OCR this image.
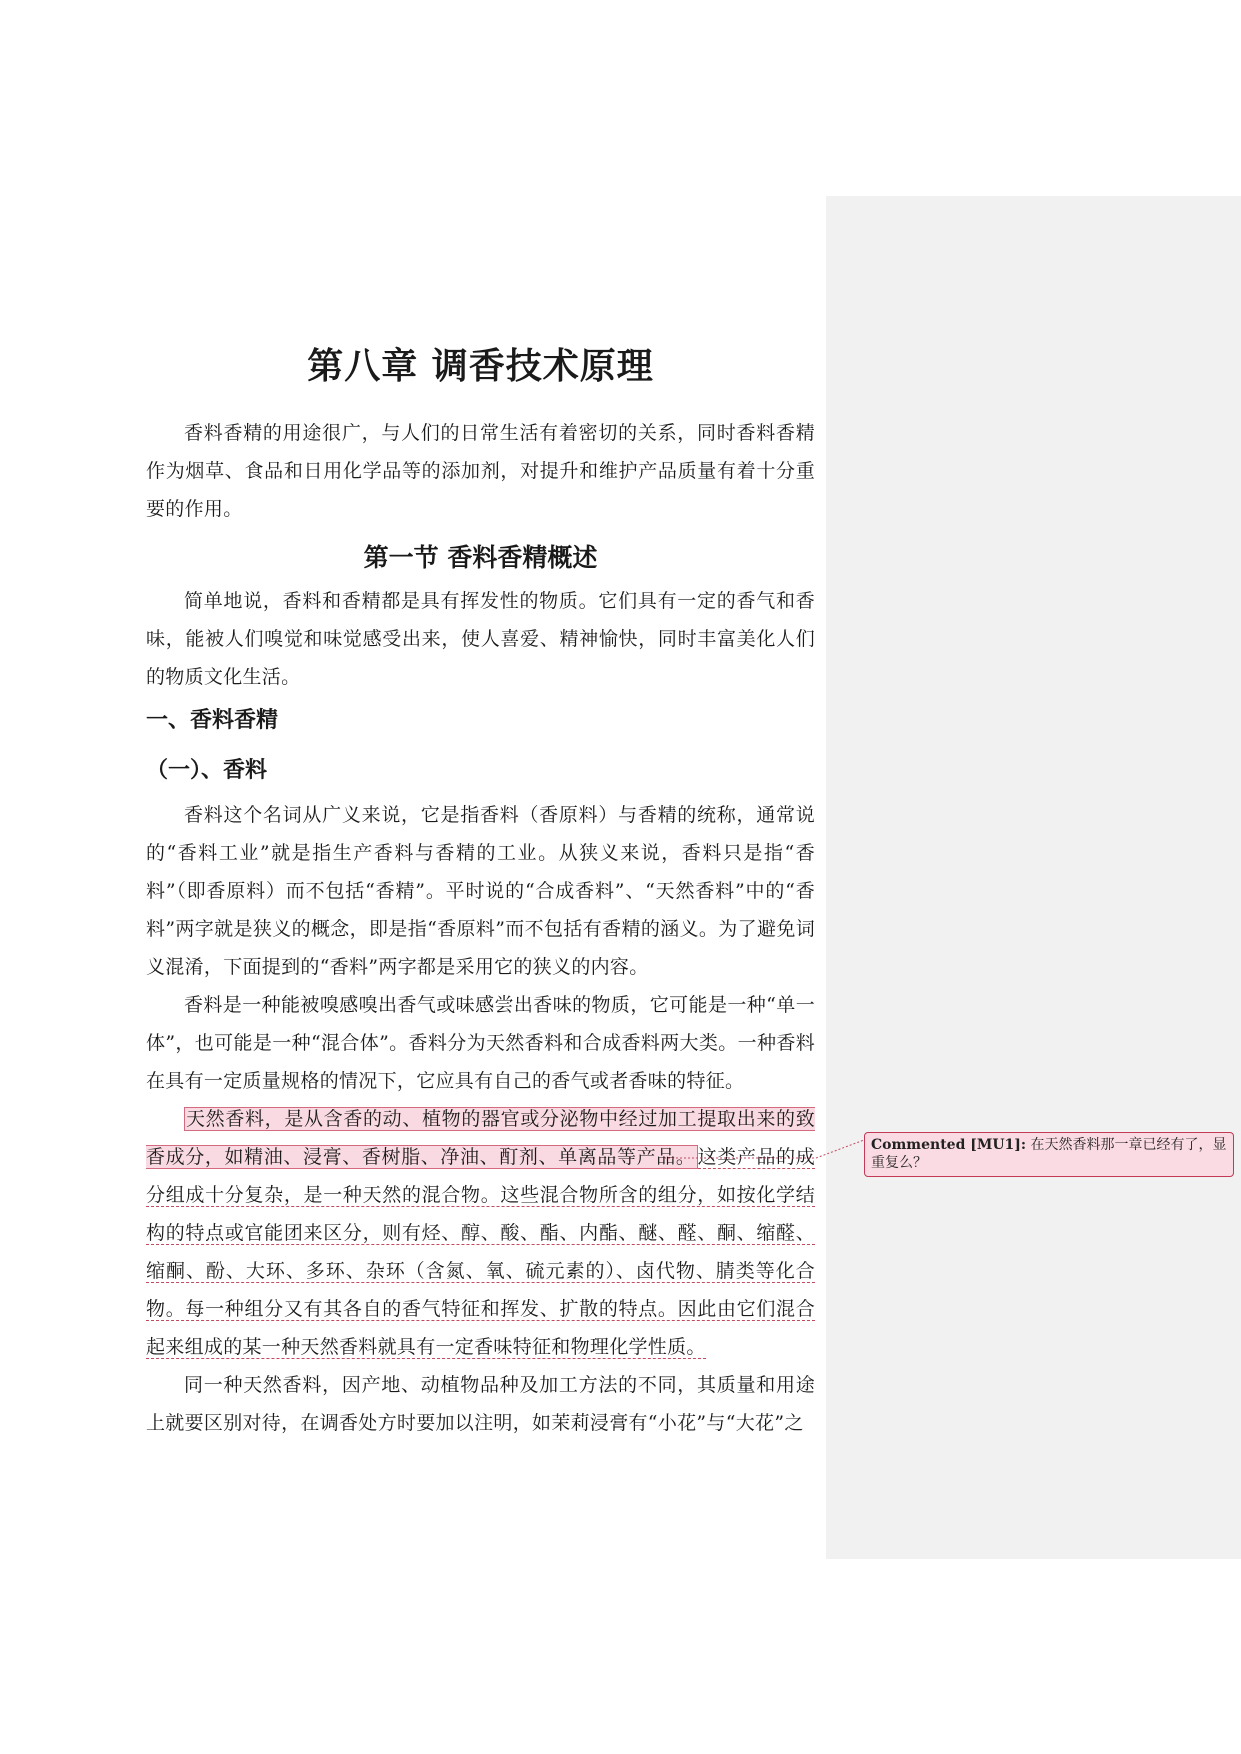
第八章 调香技术原理

香料香精的用途很广，与人们的日常生活有着密切的关系，同时香料香精作为烟草、食品和日用化学品等的添加剂，对提升和维护产品质量有着十分重要的作用。

第一节 香料香精概述

简单地说，香料和香精都是具有挥发性的物质。它们具有一定的香气和香味，能被人们嗅觉和味觉感受出来，使人喜爱、精神愉快，同时丰富美化人们的物质文化生活。

一、香料香精
（一）、香料

香料这个名词从广义来说，它是指香料（香原料）与香精的统称，通常说的“香料工业”就是指生产香料与香精的工业。从狭义来说，香料只是指“香料”（即香原料）而不包括“香精”。平时说的“合成香料”、“天然香料”中的“香料”两字就是狭义的概念，即是指“香原料”而不包括有香精的涵义。为了避免词义混淆，下面提到的“香料”两字都是采用它的狭义的内容。

香料是一种能被嗅感嗅出香气或味感尝出香味的物质，它可能是一种“单一体”，也可能是一种“混合体”。香料分为天然香料和合成香料两大类。一种香料在具有一定质量规格的情况下，它应具有自己的香气或者香味的特征。

天然香料，是从含香的动、植物的器官或分泌物中经过加工提取出来的致香成分，如精油、浸膏、香树脂、净油、酊剂、单离品等产品。 这类产品的成分组成十分复杂，是一种天然的混合物。这些混合物所含的组分，如按化学结构的特点或官能团来区分，则有烃、醇、酸、酯、内酯、醚、醛、酮、缩醛、缩酮、酚、大环、多环、杂环（含氮、氧、硫元素的）、卤代物、腈类等化合物。每一种组分又有其各自的香气特征和挥发、扩散的特点。因此由它们混合起来组成的某一种天然香料就具有一定香味特征和物理化学性质。

同一种天然香料，因产地、动植物品种及加工方法的不同，其质量和用途上就要区别对待，在调香处方时要加以注明，如茉莉浸膏有“小花”与“大花”之

Commented [MU1]: 在天然香料那一章已经有了，显重复么？
